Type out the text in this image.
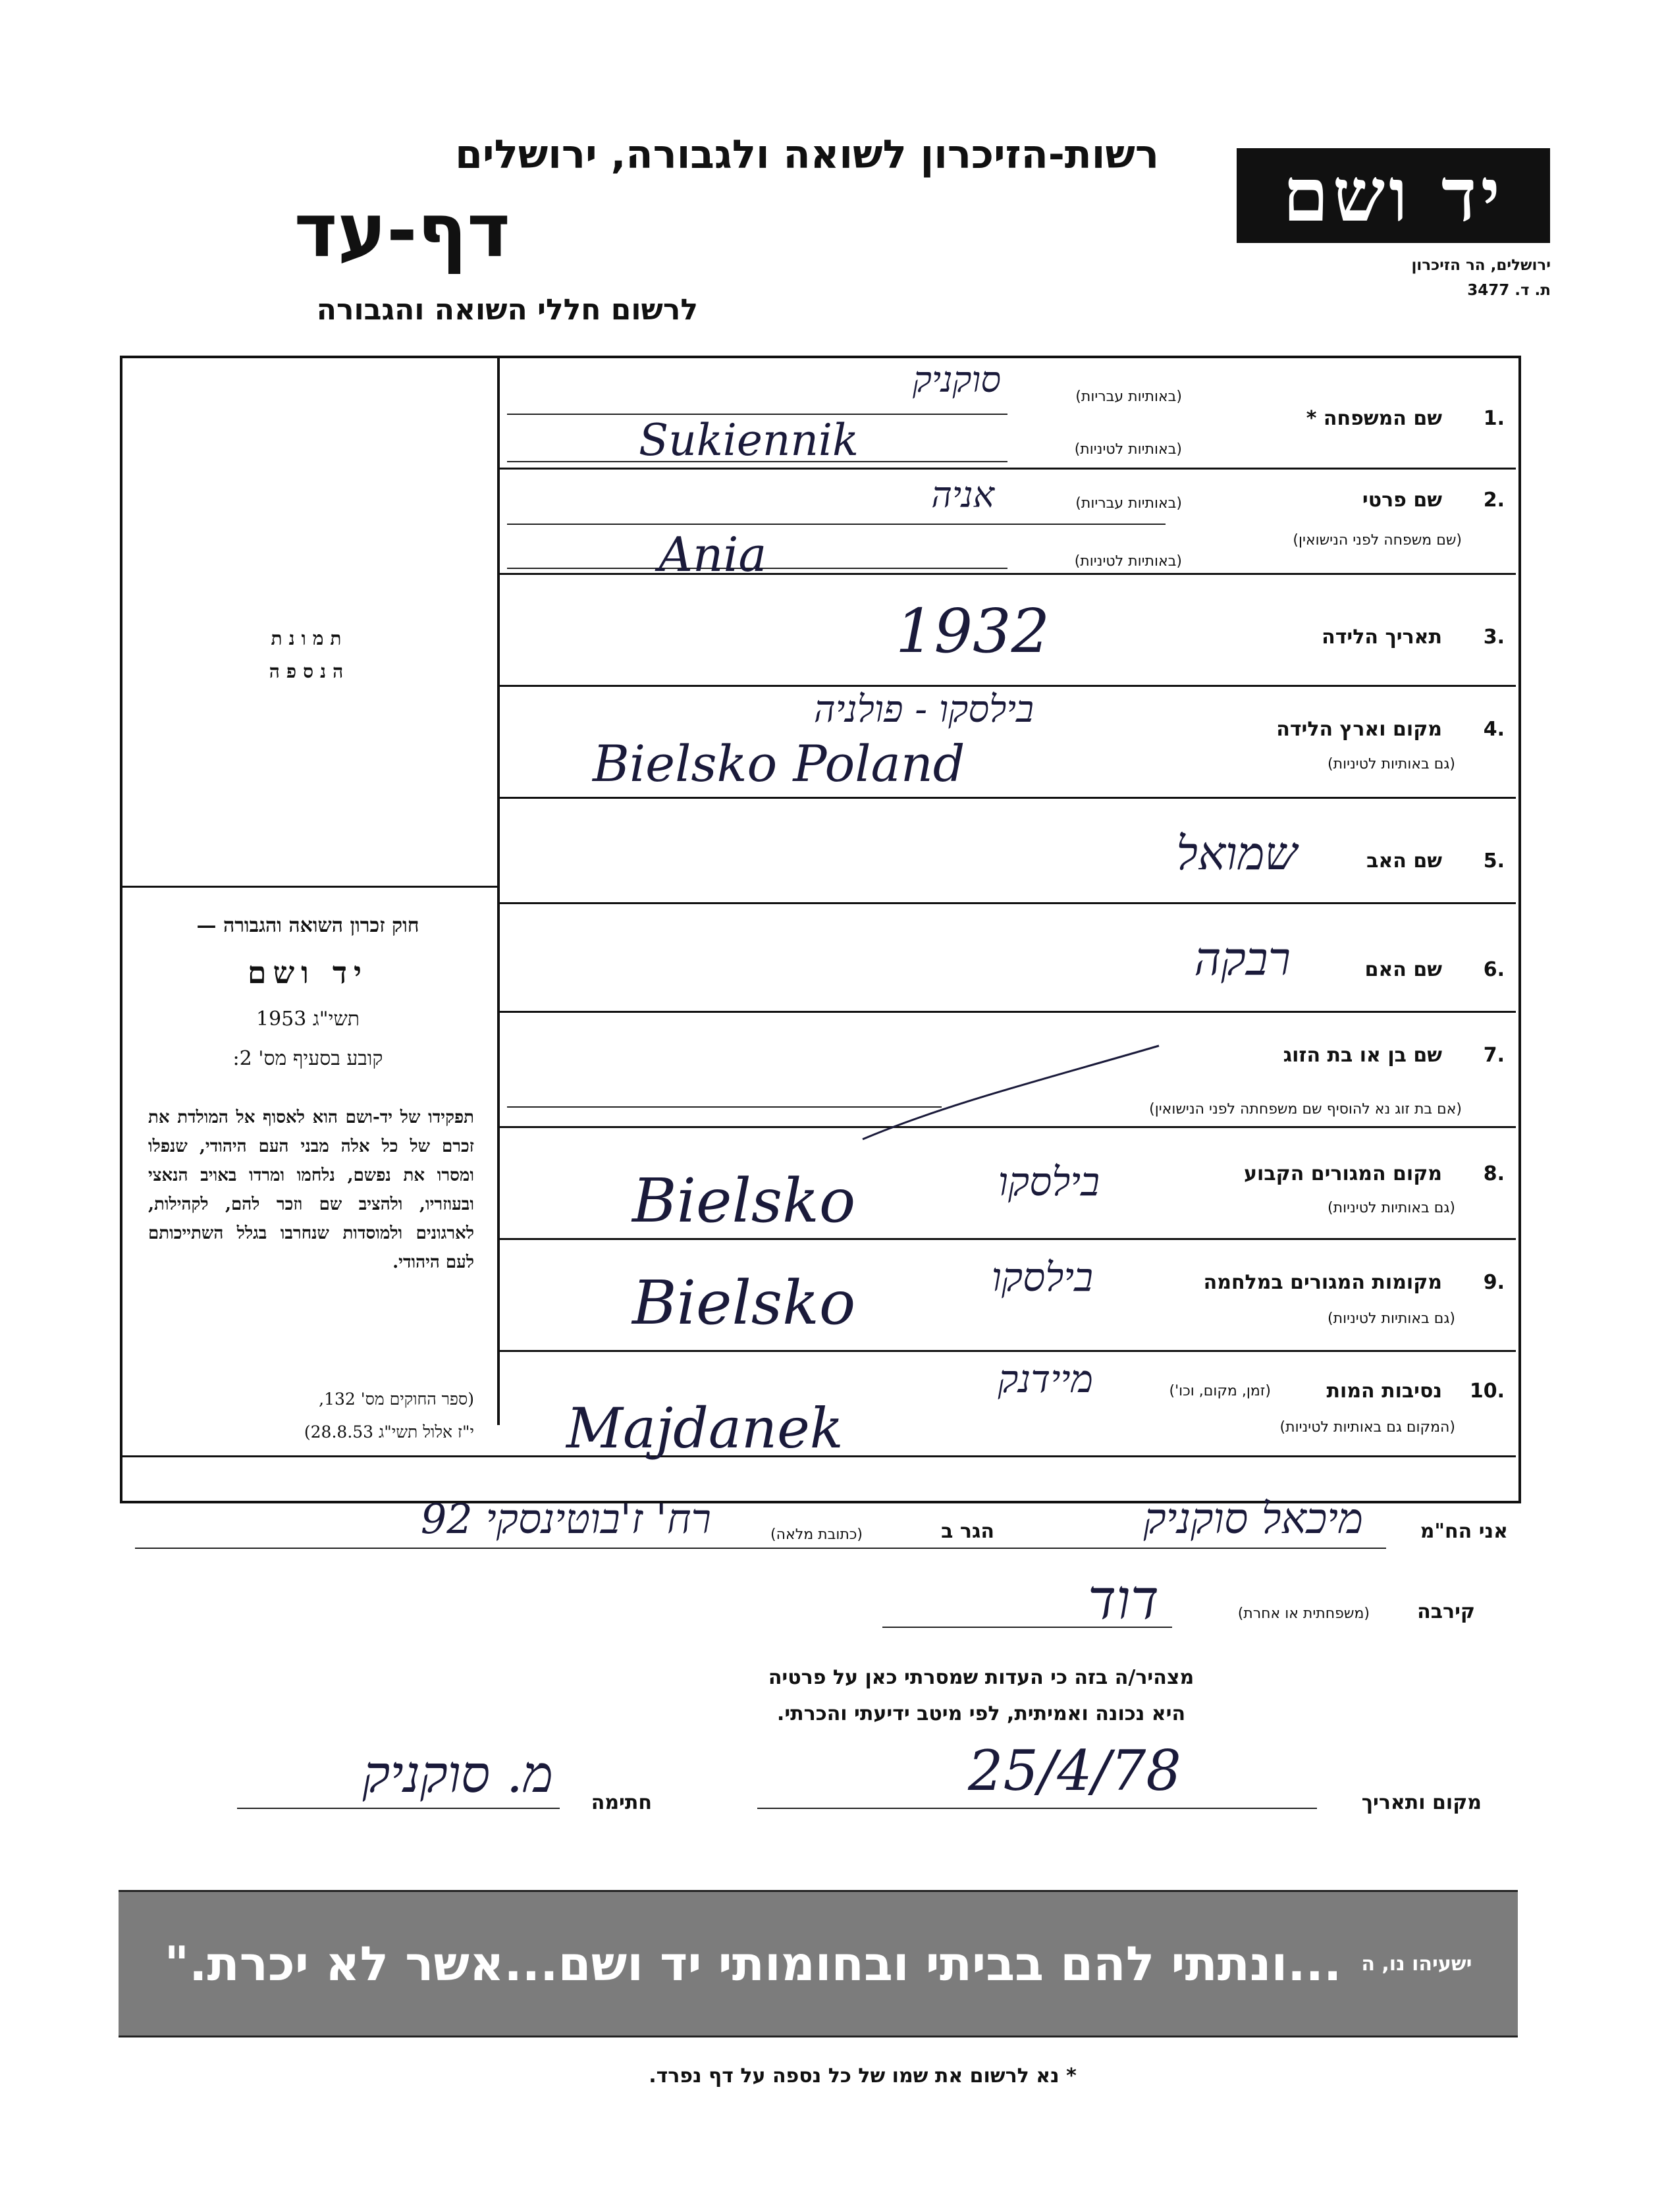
יד ושם
ירושלים, הר הזיכרון
ת. ד. 3477
רשות-הזיכרון לשואה ולגבורה, ירושלים
דף-עד
לרשום חללי השואה והגבורה
1.
שם המשפחה *
(באותיות עבריות)
(באותיות לטיניות)
סוקניק
Sukiennik
2.
שם פרטי
(שם משפחה לפני הנישואין)
(באותיות עבריות)
(באותיות לטיניות)
אניה
Ania
3.
תאריך הלידה
1932
4.
מקום וארץ הלידה
(גם באותיות לטיניות)
בילסקו - פולניה
Bielsko Poland
5.
שם האב
שמואל
6.
שם האם
רבקה
7.
שם בן או בת הזוג
(אם בת זוג נא להוסיף שם משפחתה לפני הנישואין)
8.
מקום המגורים הקבוע
(גם באותיות לטיניות)
בילסקו
Bielsko
9.
מקומות המגורים במלחמה
(גם באותיות לטיניות)
בילסקו
Bielsko
10.
נסיבות המות
(זמן, מקום, וכו')
(המקום גם באותיות לטיניות)
מיידנק
Majdanek
תמונת הנספה
חוק זכרון השואה והגבורה —
יד ושם
תשי"ג 1953
קובע בסעיף מס' 2:
תפקידו של יד-ושם הוא לאסוף אל המולדת את זכרם של כל אלה מבני העם היהודי, שנפלו ומסרו את נפשם, נלחמו ומרדו באויב הנאצי ובעוזריו, ולהציב שם וזכר להם, לקהילות, לארגונים ולמוסדות שנחרבו בגלל השתייכותם לעם היהודי.
(ספר החוקים מס' 132,
י"ז אלול תשי"ג 28.8.53)
אני הח"מ
מיכאל סוקניק
הגר ב
(כתובת מלאה)
רח' ז'בוטינסקי 92
קירבה
(משפחתית או אחרת)
דוד
מצהיר/ה בזה כי העדות שמסרתי כאן על פרטיה
היא נכונה ואמיתית, לפי מיטב ידיעתי והכרתי.
מקום ותאריך
25/4/78
חתימה
מ. סוקניק
ישעיהו נו, ה
...ונתתי להם בביתי ובחומותי יד ושם...אשר לא יכרת."
* נא לרשום את שמו של כל נספה על דף נפרד.
